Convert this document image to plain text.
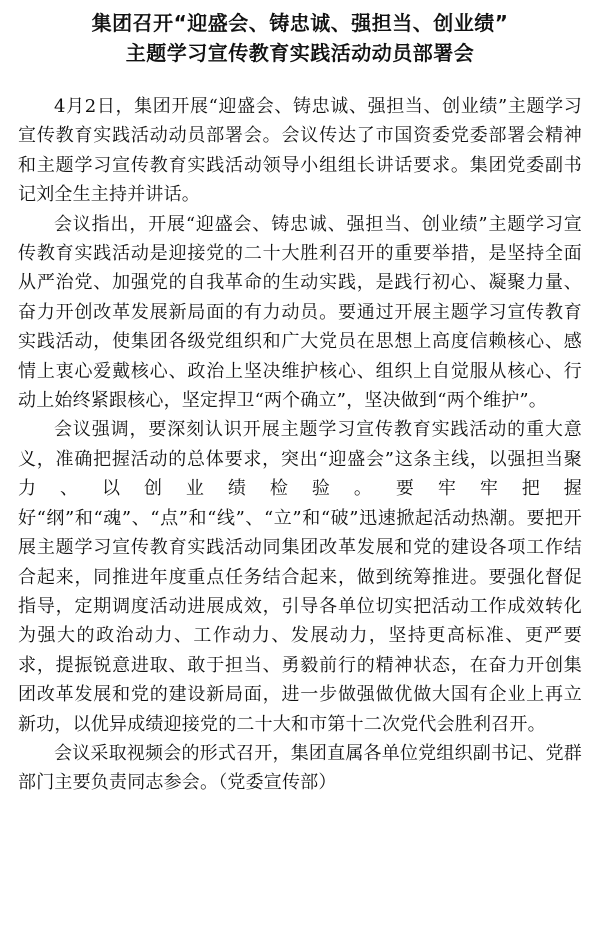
集团召开“迎盛会、铸忠诚、强担当、创业绩”
主题学习宣传教育实践活动动员部署会

4月2日，集团开展“迎盛会、铸忠诚、强担当、创业绩”主题学习宣传教育实践活动动员部署会。会议传达了市国资委党委部署会精神和主题学习宣传教育实践活动领导小组组长讲话要求。集团党委副书记刘全生主持并讲话。

会议指出，开展“迎盛会、铸忠诚、强担当、创业绩”主题学习宣传教育实践活动是迎接党的二十大胜利召开的重要举措，是坚持全面从严治党、加强党的自我革命的生动实践，是践行初心、凝聚力量、奋力开创改革发展新局面的有力动员。要通过开展主题学习宣传教育实践活动，使集团各级党组织和广大党员在思想上高度信赖核心、感情上衷心爱戴核心、政治上坚决维护核心、组织上自觉服从核心、行动上始终紧跟核心，坚定捍卫“两个确立”，坚决做到“两个维护”。

会议强调，要深刻认识开展主题学习宣传教育实践活动的重大意义，准确把握活动的总体要求，突出“迎盛会”这条主线，以强担当聚力、以创业绩检验。要牢牢把握好“纲”和“魂”、“点”和“线”、“立”和“破”迅速掀起活动热潮。要把开展主题学习宣传教育实践活动同集团改革发展和党的建设各项工作结合起来，同推进年度重点任务结合起来，做到统筹推进。要强化督促指导，定期调度活动进展成效，引导各单位切实把活动工作成效转化为强大的政治动力、工作动力、发展动力，坚持更高标准、更严要求，提振锐意进取、敢于担当、勇毅前行的精神状态，在奋力开创集团改革发展和党的建设新局面，进一步做强做优做大国有企业上再立新功，以优异成绩迎接党的二十大和市第十二次党代会胜利召开。

会议采取视频会的形式召开，集团直属各单位党组织副书记、党群部门主要负责同志参会。（党委宣传部）
